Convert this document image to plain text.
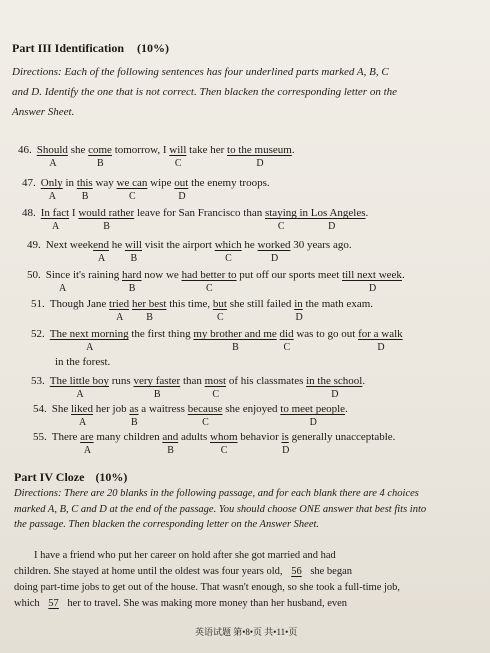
Part III Identification (10%)
Directions: Each of the following sentences has four underlined parts marked A, B, C
and D. Identify the one that is not correct. Then blacken the corresponding letter on the
Answer Sheet.
46. Should she come tomorrow, I will take her to the museum.
A	B	C	D
47. Only in this way we can wipe out the enemy troops.
A	B	C	D
48. In fact I would rather leave for San Francisco than staying in Los Angeles.
A	B	C	D
49. Next weekend he will visit the airport which he worked 30 years ago.
A	B	C	D
50. Since it's raining hard now we had better to put off our sports meet till next week.
B	C	D
A
51. Though Jane tried her best this time, but she still failed in the math exam.
A B	C	D
52. The next morning the first thing my brother and me did was to go out for a walk
A	B	C	D
in the forest.
53. The little boy runs very faster than most of his classmates in the school.
A	B	C	D
54. She liked her job as a waitress because she enjoyed to meet people.
A	B	C	D
55. There are many children and adults whom behavior is generally unacceptable.
A	B	C	D
Part IV Cloze (10%)
Directions: There are 20 blanks in the following passage, and for each blank there are 4 choices marked A, B, C and D at the end of the passage. You should choose ONE answer that best fits into the passage. Then blacken the corresponding letter on the Answer Sheet.
I have a friend who put her career on hold after she got married and had
children. She stayed at home until the oldest was four years old, 56 she began
doing part-time jobs to get out of the house. That wasn't enough, so she took a full-time job,
which 57 her to travel. She was making more money than her husband, even
英语试题 第•8•页 共•11•页
